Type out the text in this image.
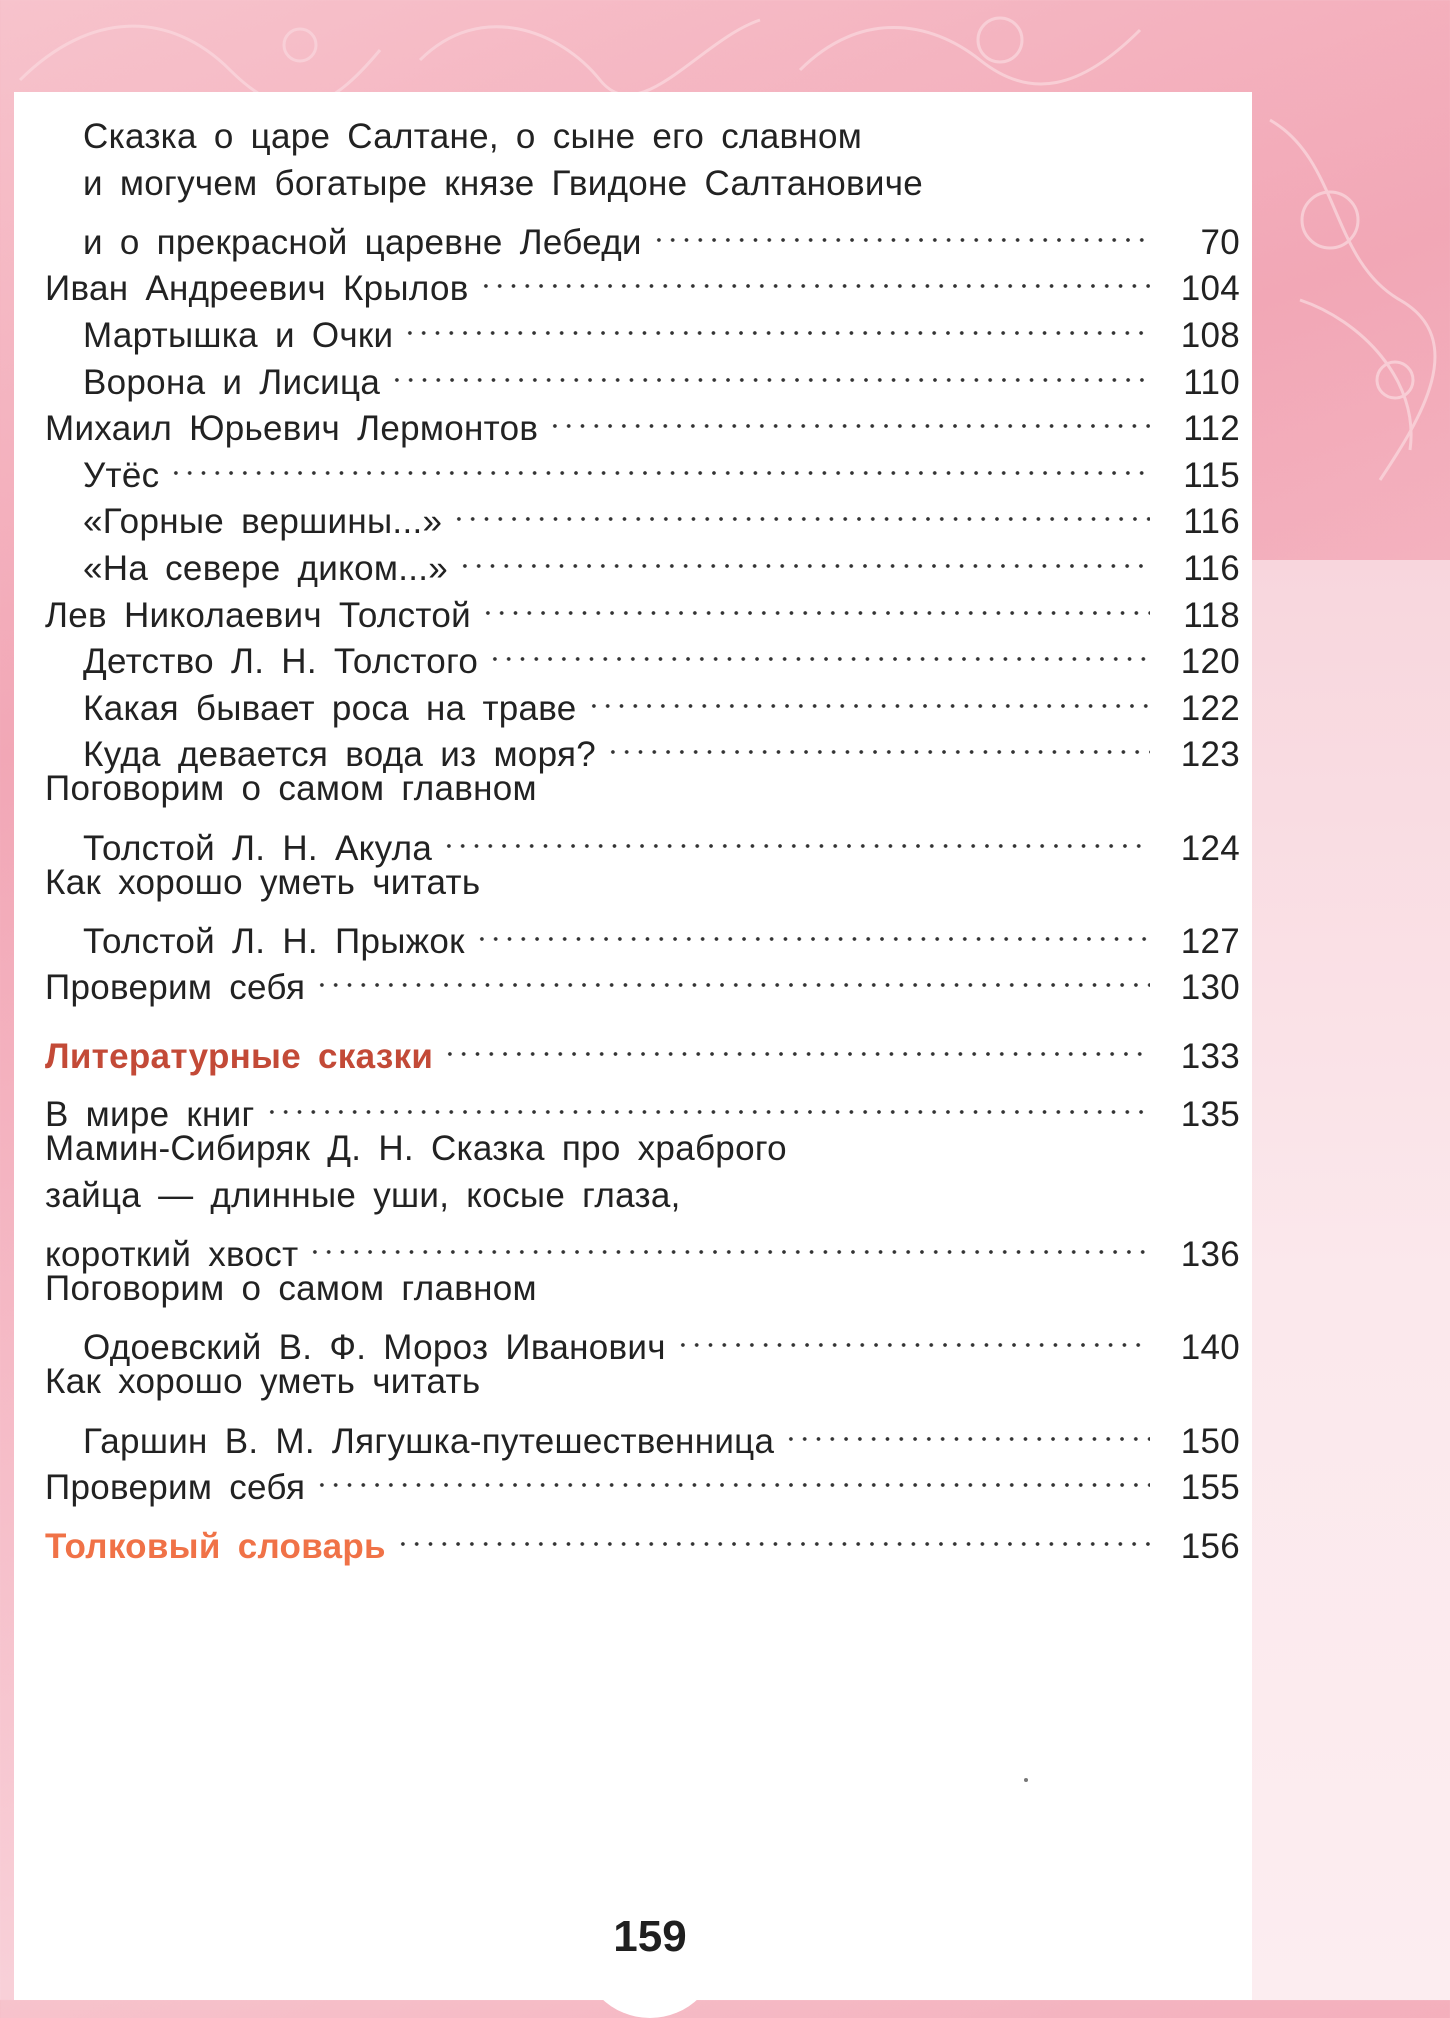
Сказка о царе Салтане, о сыне его славном
и могучем богатыре князе Гвидоне Салтановиче
и о прекрасной царевне Лебеди	70
Иван Андреевич Крылов	104
Мартышка и Очки	108
Ворона и Лисица	110
Михаил Юрьевич Лермонтов	112
Утёс	115
«Горные вершины...»	116
«На севере диком...»	116
Лев Николаевич Толстой	118
Детство Л. Н. Толстого	120
Какая бывает роса на траве	122
Куда девается вода из моря?	123
Поговорим о самом главном
Толстой Л. Н. Акула	124
Как хорошо уметь читать
Толстой Л. Н. Прыжок	127
Проверим себя	130
Литературные сказки	133
В мире книг	135
Мамин-Сибиряк Д. Н. Сказка про храброго
зайца — длинные уши, косые глаза,
короткий хвост	136
Поговорим о самом главном
Одоевский В. Ф. Мороз Иванович	140
Как хорошо уметь читать
Гаршин В. М. Лягушка-путешественница	150
Проверим себя	155
Толковый словарь	156
159
